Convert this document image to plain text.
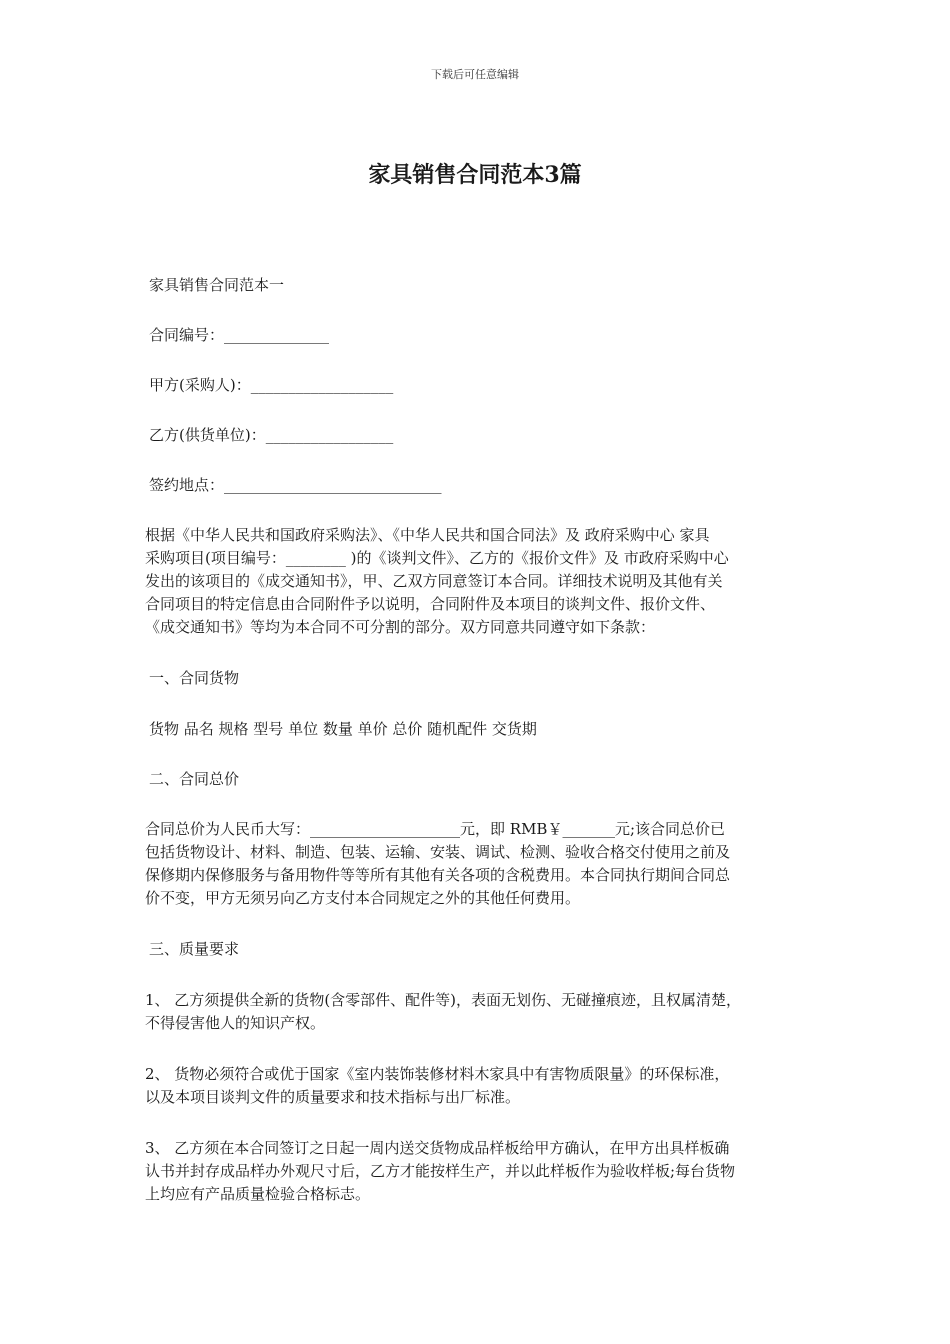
下载后可任意编辑
家具销售合同范本3篇

家具销售合同范本一

合同编号：______________

甲方(采购人)：___________________

乙方(供货单位)：_________________

签约地点：_____________________________

根据《中华人民共和国政府采购法》、《中华人民共和国合同法》及 政府采购中心 家具

采购项目(项目编号：________ )的《谈判文件》、乙方的《报价文件》及 市政府采购中心

发出的该项目的《成交通知书》，甲、乙双方同意签订本合同。详细技术说明及其他有关

合同项目的特定信息由合同附件予以说明，合同附件及本项目的谈判文件、报价文件、

《成交通知书》等均为本合同不可分割的部分。双方同意共同遵守如下条款：

一、合同货物

货物 品名 规格 型号 单位 数量 单价 总价 随机配件 交货期

二、合同总价

合同总价为人民币大写：____________________元，即 RMB￥_______元;该合同总价已

包括货物设计、材料、制造、包装、运输、安装、调试、检测、验收合格交付使用之前及

保修期内保修服务与备用物件等等所有其他有关各项的含税费用。本合同执行期间合同总

价不变，甲方无须另向乙方支付本合同规定之外的其他任何费用。

三、质量要求

1、 乙方须提供全新的货物(含零部件、配件等)，表面无划伤、无碰撞痕迹，且权属清楚，

不得侵害他人的知识产权。

2、 货物必须符合或优于国家《室内装饰装修材料木家具中有害物质限量》的环保标准，

以及本项目谈判文件的质量要求和技术指标与出厂标准。

3、 乙方须在本合同签订之日起一周内送交货物成品样板给甲方确认，在甲方出具样板确

认书并封存成品样办外观尺寸后，乙方才能按样生产，并以此样板作为验收样板;每台货物

上均应有产品质量检验合格标志。
